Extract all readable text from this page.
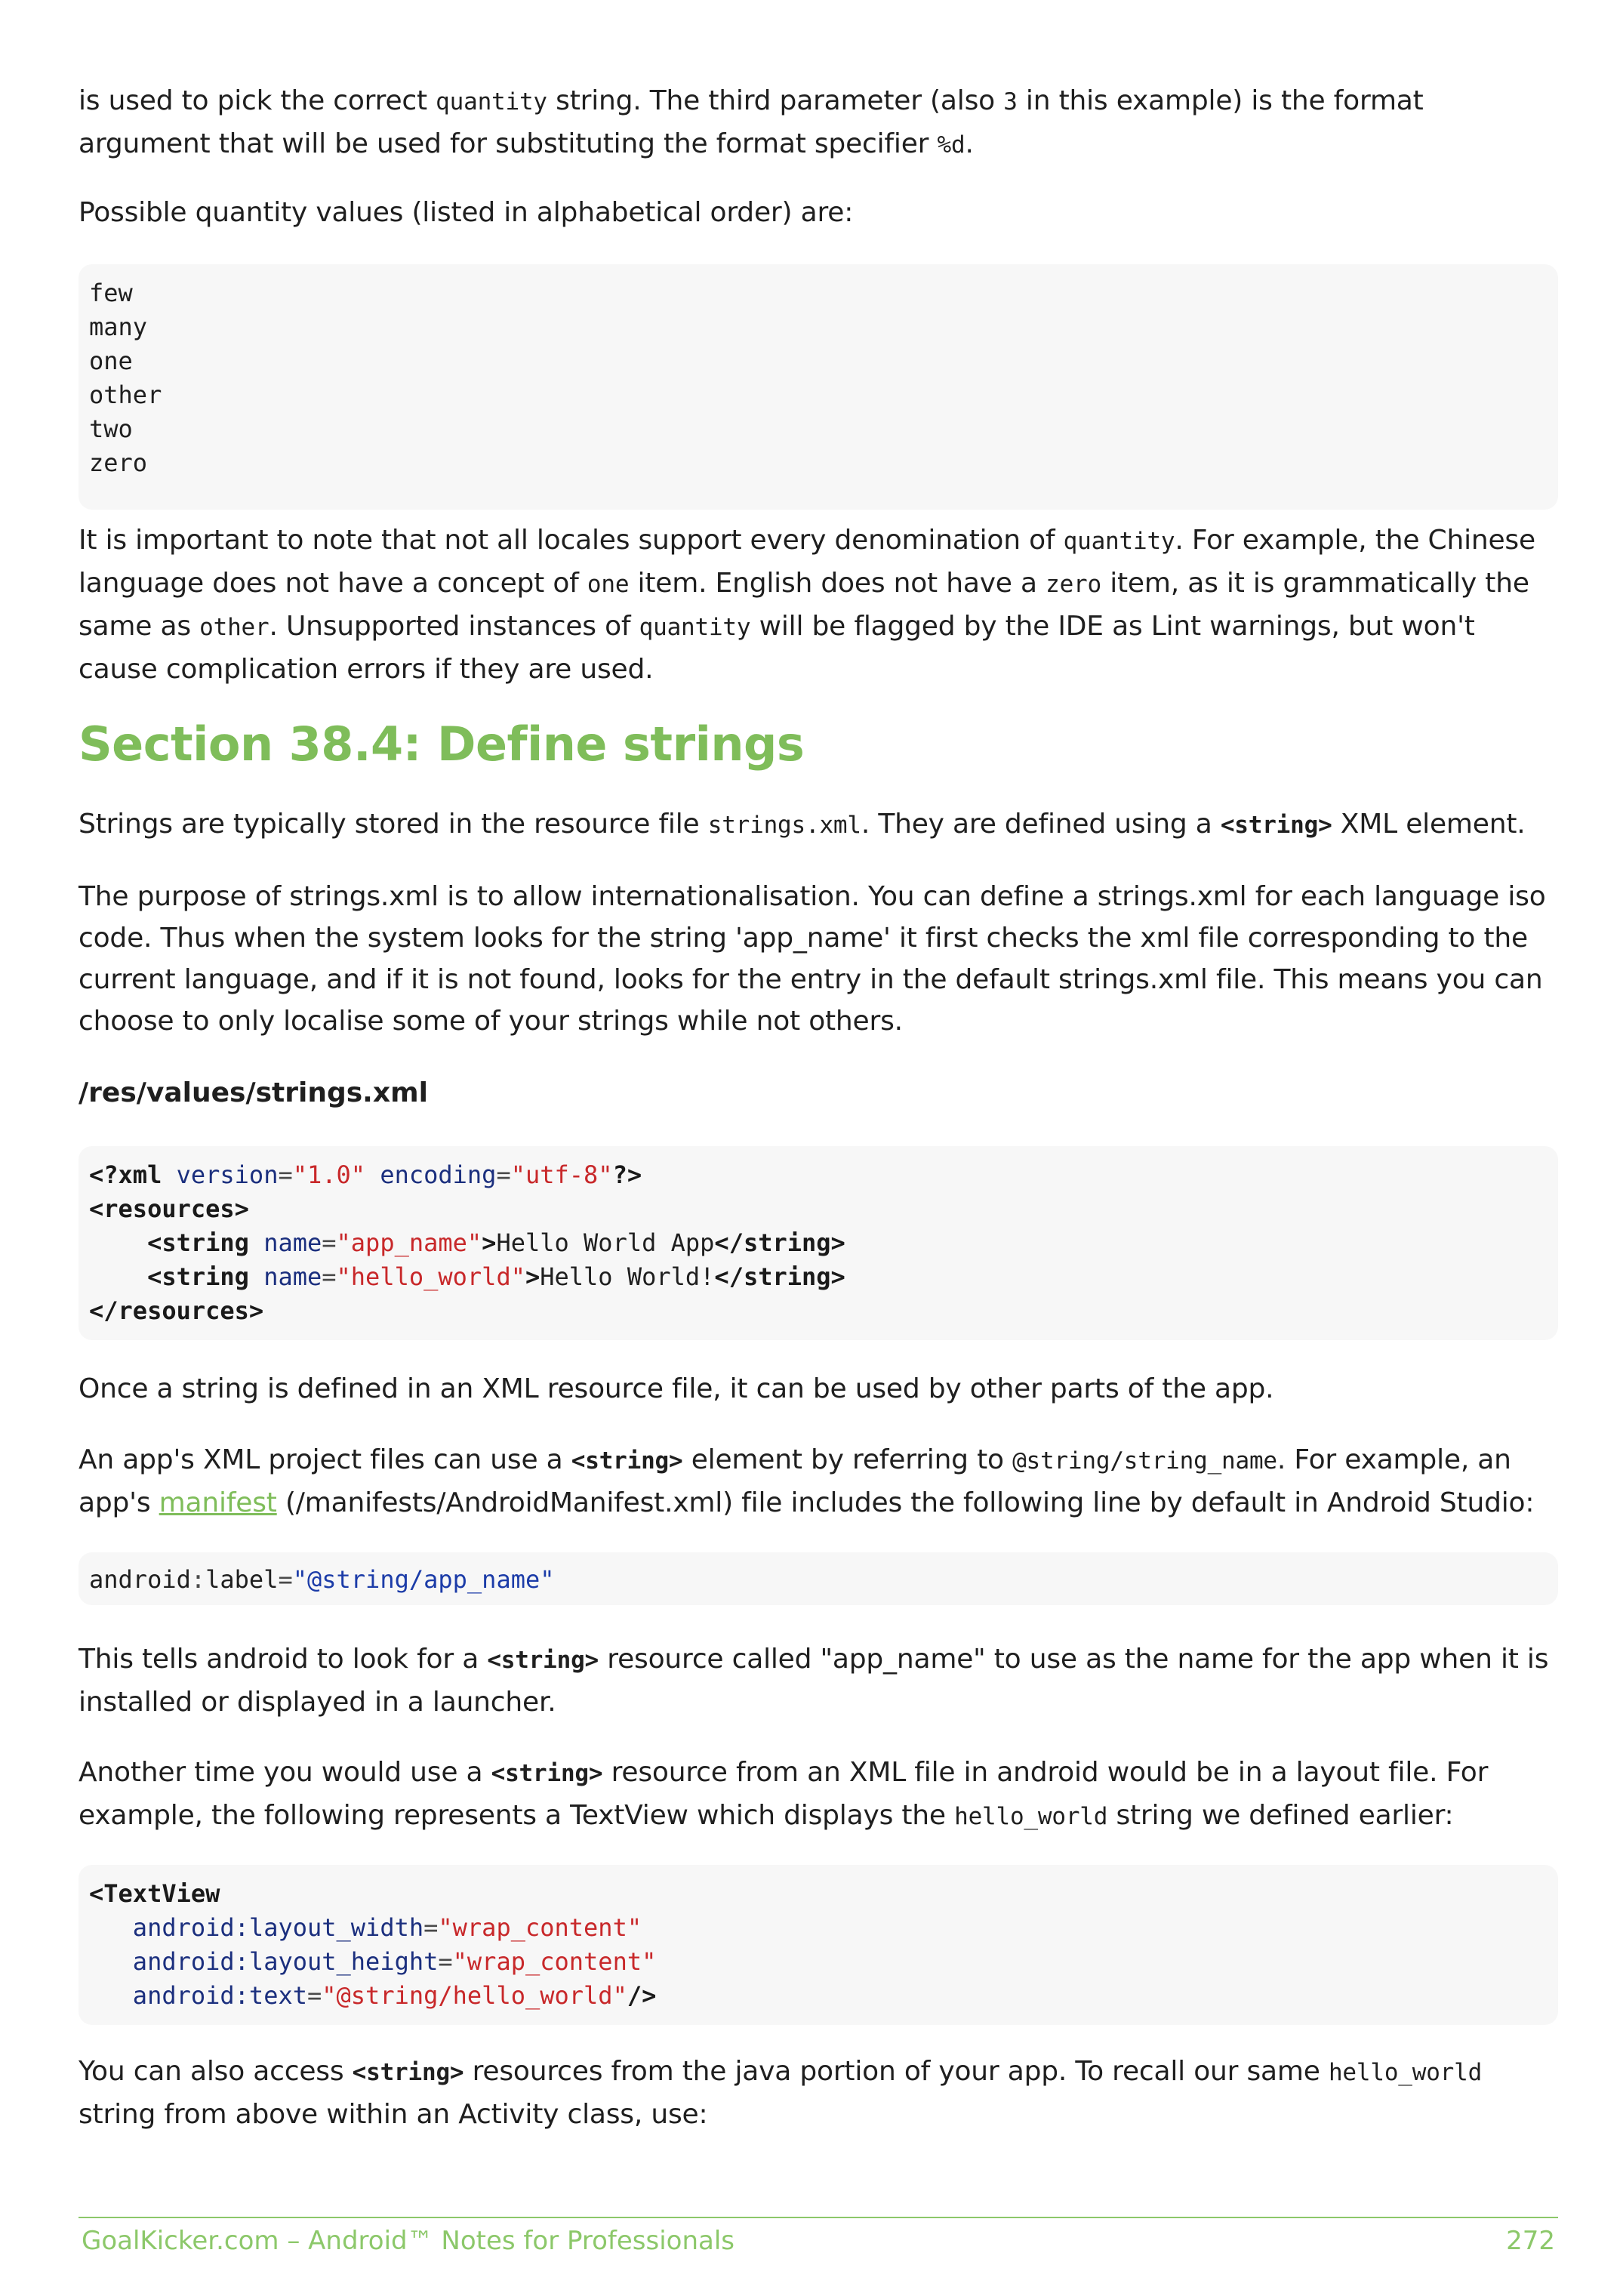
is used to pick the correct quantity string. The third parameter (also 3 in this example) is the format argument that will be used for substituting the format specifier %d.

Possible quantity values (listed in alphabetical order) are:

few
many
one
other
two
zero

It is important to note that not all locales support every denomination of quantity. For example, the Chinese language does not have a concept of one item. English does not have a zero item, as it is grammatically the same as other. Unsupported instances of quantity will be flagged by the IDE as Lint warnings, but won't cause complication errors if they are used.

Section 38.4: Define strings

Strings are typically stored in the resource file strings.xml. They are defined using a <string> XML element.

The purpose of strings.xml is to allow internationalisation. You can define a strings.xml for each language iso code. Thus when the system looks for the string 'app_name' it first checks the xml file corresponding to the current language, and if it is not found, looks for the entry in the default strings.xml file. This means you can choose to only localise some of your strings while not others.

/res/values/strings.xml
<?xml version="1.0" encoding="utf-8"?>
<resources>
<string name="app_name">Hello World App</string>
<string name="hello_world">Hello World!</string>
</resources>

Once a string is defined in an XML resource file, it can be used by other parts of the app.

An app's XML project files can use a <string> element by referring to @string/string_name. For example, an app's manifest (/manifests/AndroidManifest.xml) file includes the following line by default in Android Studio:

android:label="@string/app_name"

This tells android to look for a <string> resource called "app_name" to use as the name for the app when it is installed or displayed in a launcher.

Another time you would use a <string> resource from an XML file in android would be in a layout file. For example, the following represents a TextView which displays the hello_world string we defined earlier:

<TextView
android:layout_width="wrap_content"
android:layout_height="wrap_content"
android:text="@string/hello_world"/>

You can also access <string> resources from the java portion of your app. To recall our same hello_world string from above within an Activity class, use:

GoalKicker.com – Android™ Notes for Professionals	272
